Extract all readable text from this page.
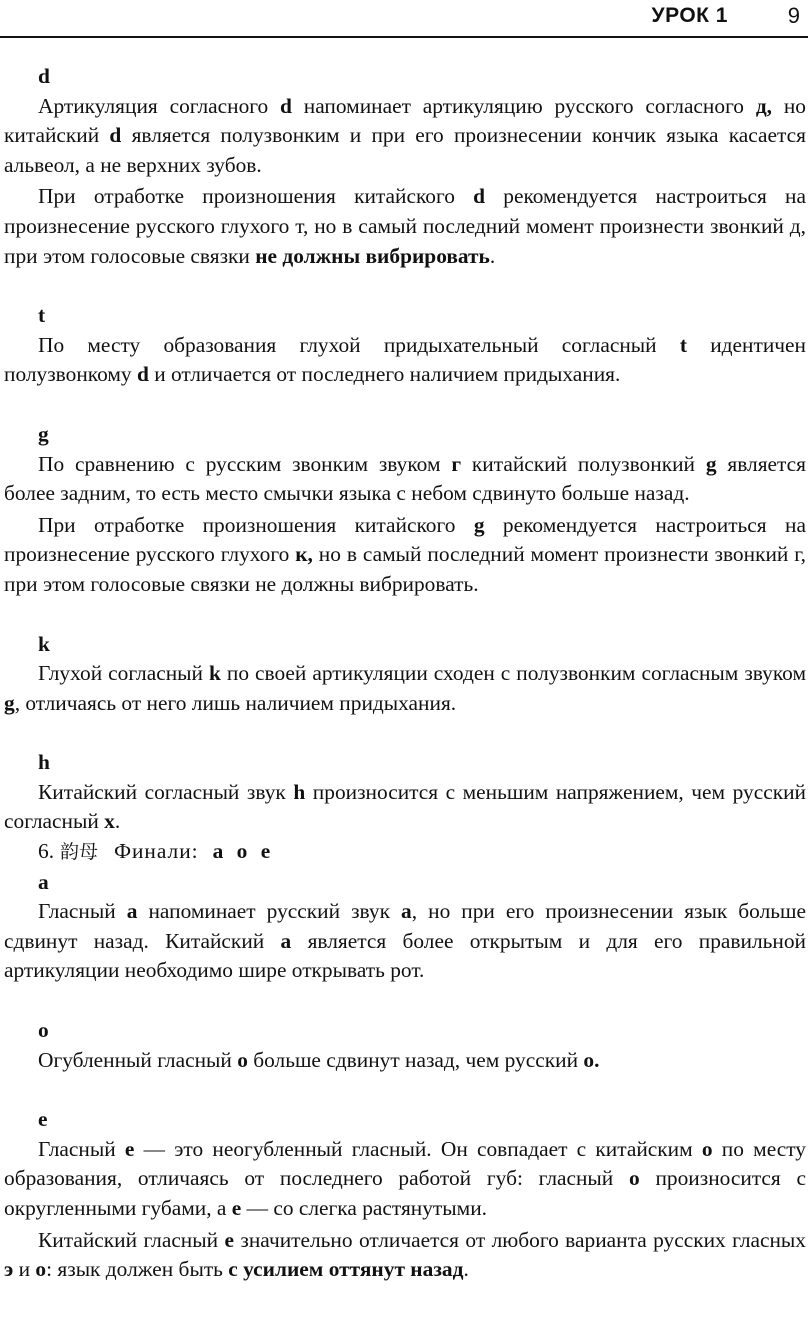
УРОК 1	9
d

Артикуляция согласного d напоминает артикуляцию русского согласного д, но китайский d является полузвонким и при его произнесении кончик языка касается альвеол, а не верхних зубов.

При отработке произношения китайского d рекомендуется настроиться на произнесение русского глухого т, но в самый последний момент произнести звонкий д, при этом голосовые связки не должны вибрировать.

t

По месту образования глухой придыхательный согласный t идентичен полузвонкому d и отличается от последнего наличием придыхания.

g

По сравнению с русским звонким звуком г китайский полузвонкий g является более задним, то есть место смычки языка с небом сдвинуто больше назад.

При отработке произношения китайского g рекомендуется настроиться на произнесение русского глухого к, но в самый последний момент произнести звонкий г, при этом голосовые связки не должны вибрировать.

k

Глухой согласный k по своей артикуляции сходен с полузвонким согласным звуком g, отличаясь от него лишь наличием придыхания.

h

Китайский согласный звук h произносится с меньшим напряжением, чем русский согласный х.

6. 韵母 Финали: a o e
a

Гласный a напоминает русский звук а, но при его произнесении язык больше сдвинут назад. Китайский a является более открытым и для его правильной артикуляции необходимо шире открывать рот.

o

Огубленный гласный o больше сдвинут назад, чем русский о.

e

Гласный e — это неогубленный гласный. Он совпадает с китайским o по месту образования, отличаясь от последнего работой губ: гласный o произносится с округленными губами, а e — со слегка растянутыми.

Китайский гласный e значительно отличается от любого варианта русских гласных э и о: язык должен быть с усилием оттянут назад.
